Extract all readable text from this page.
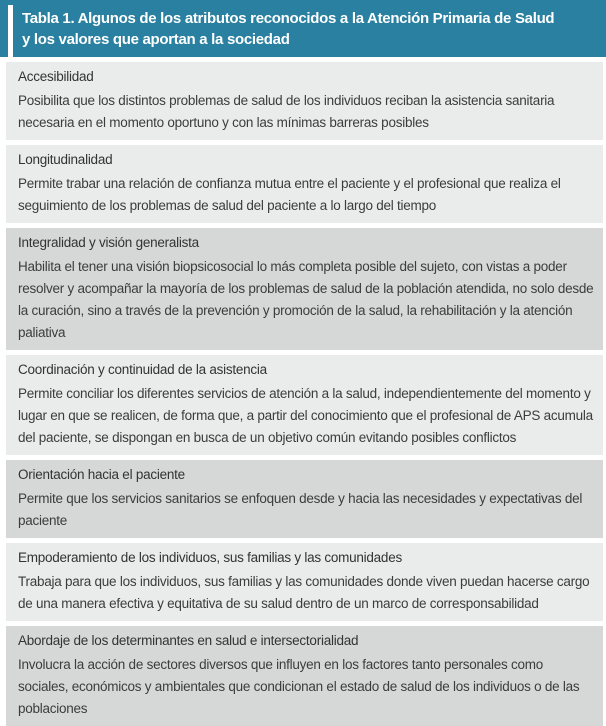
Tabla 1. Algunos de los atributos reconocidos a la Atención Primaria de Salud
y los valores que aportan a la sociedad
Accesibilidad
Posibilita que los distintos problemas de salud de los individuos reciban la asistencia sanitaria necesaria en el momento oportuno y con las mínimas barreras posibles
Longitudinalidad
Permite trabar una relación de confianza mutua entre el paciente y el profesional que realiza el seguimiento de los problemas de salud del paciente a lo largo del tiempo
Integralidad y visión generalista
Habilita el tener una visión biopsicosocial lo más completa posible del sujeto, con vistas a poder resolver y acompañar la mayoría de los problemas de salud de la población atendida, no solo desde la curación, sino a través de la prevención y promoción de la salud, la rehabilitación y la atención paliativa
Coordinación y continuidad de la asistencia
Permite conciliar los diferentes servicios de atención a la salud, independientemente del momento y lugar en que se realicen, de forma que, a partir del conocimiento que el profesional de APS acumula del paciente, se dispongan en busca de un objetivo común evitando posibles conflictos
Orientación hacia el paciente
Permite que los servicios sanitarios se enfoquen desde y hacia las necesidades y expectativas del paciente
Empoderamiento de los individuos, sus familias y las comunidades
Trabaja para que los individuos, sus familias y las comunidades donde viven puedan hacerse cargo de una manera efectiva y equitativa de su salud dentro de un marco de corresponsabilidad
Abordaje de los determinantes en salud e intersectorialidad
Involucra la acción de sectores diversos que influyen en los factores tanto personales como sociales, económicos y ambientales que condicionan el estado de salud de los individuos o de las poblaciones
